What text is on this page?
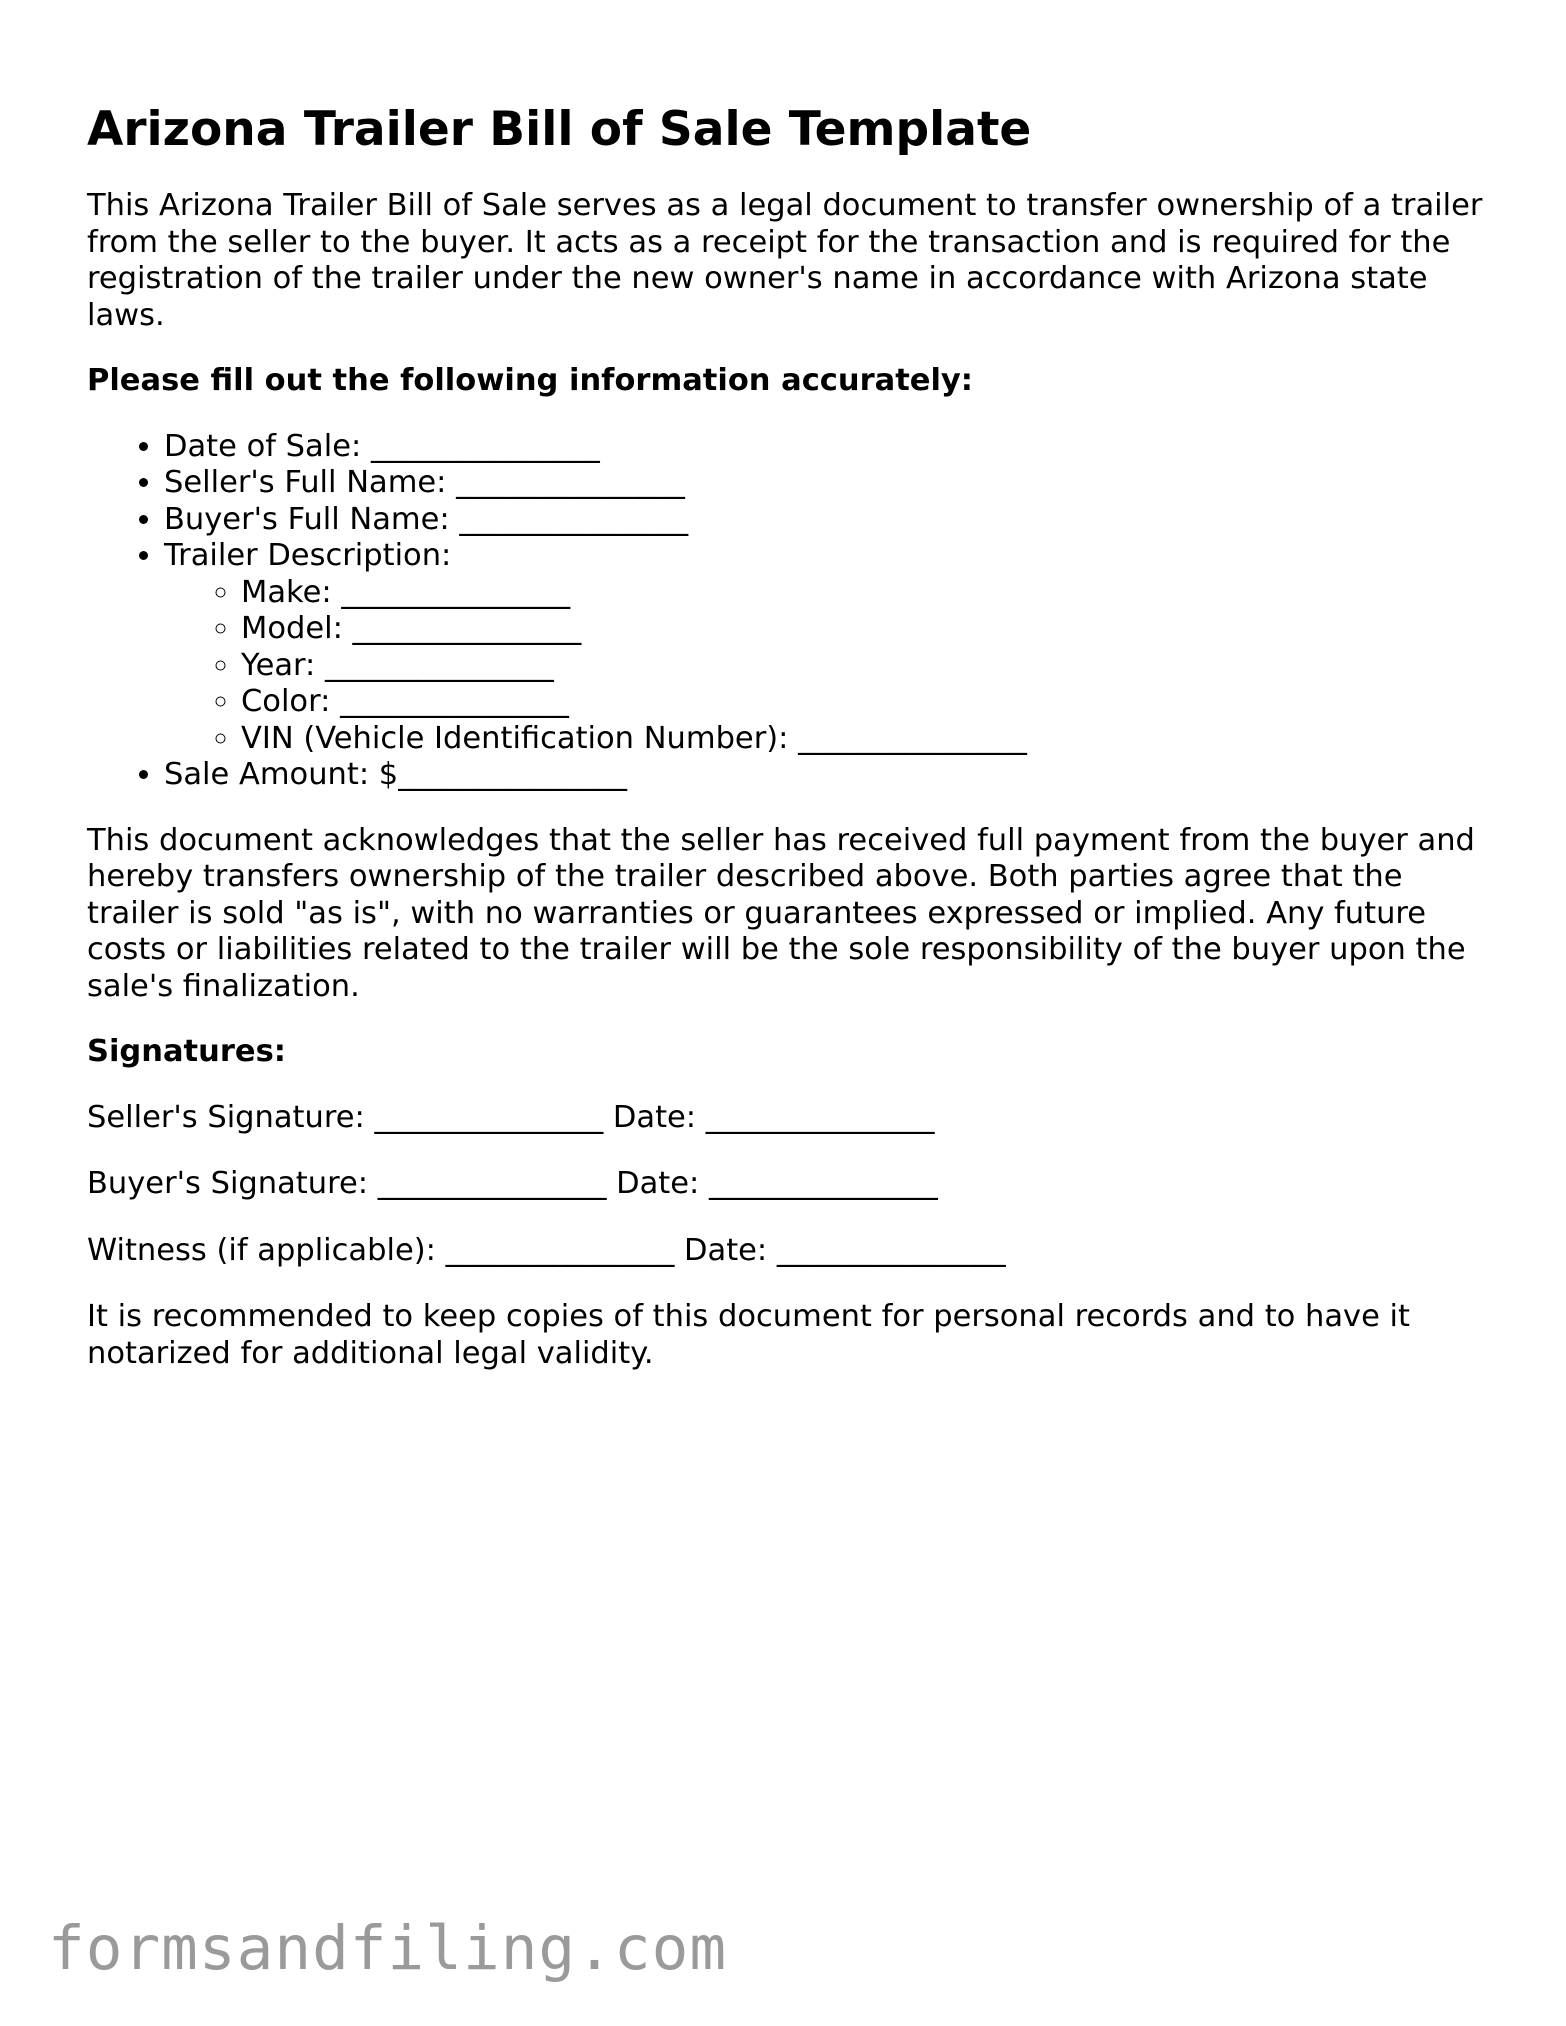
Arizona Trailer Bill of Sale Template

This Arizona Trailer Bill of Sale serves as a legal document to transfer ownership of a trailer from the seller to the buyer. It acts as a receipt for the transaction and is required for the registration of the trailer under the new owner's name in accordance with Arizona state laws.

Please fill out the following information accurately:

• Date of Sale: _______________
• Seller's Full Name: _______________
• Buyer's Full Name: _______________
• Trailer Description:
◦ Make: _______________
◦ Model: _______________
◦ Year: _______________
◦ Color: _______________
◦ VIN (Vehicle Identification Number): _______________
• Sale Amount: $_______________

This document acknowledges that the seller has received full payment from the buyer and hereby transfers ownership of the trailer described above. Both parties agree that the trailer is sold "as is", with no warranties or guarantees expressed or implied. Any future costs or liabilities related to the trailer will be the sole responsibility of the buyer upon the sale's finalization.

Signatures:

Seller's Signature: _______________ Date: _______________

Buyer's Signature: _______________ Date: _______________

Witness (if applicable): _______________ Date: _______________

It is recommended to keep copies of this document for personal records and to have it notarized for additional legal validity.

formsandfiling.com
